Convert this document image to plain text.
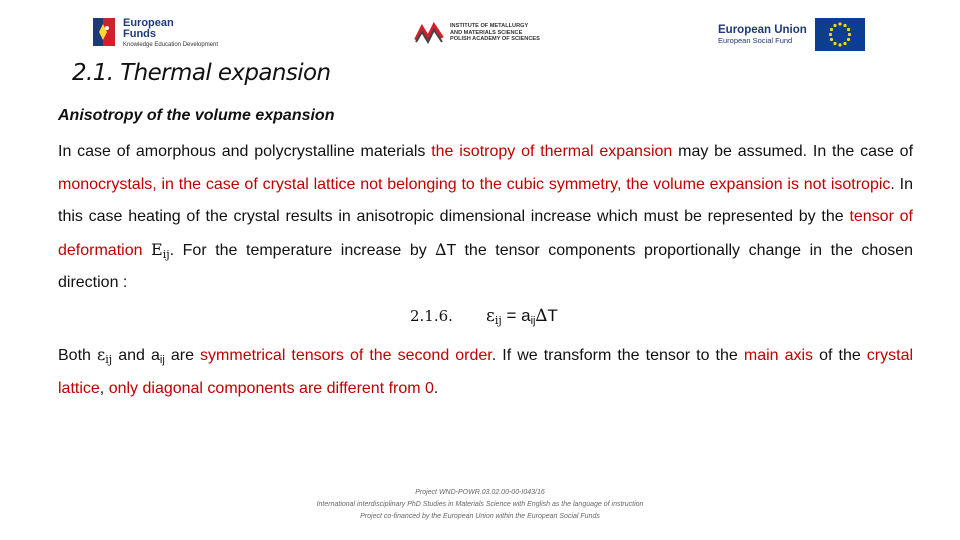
European
Funds
Knowledge Education Development
INSTITUTE OF METALLURGY
AND MATERIALS SCIENCE
POLISH ACADEMY OF SCIENCES
European Union
European Social Fund
2.1. Thermal expansion
Anisotropy of the volume expansion

In case of amorphous and polycrystalline materials the isotropy of thermal expansion may be assumed. In the case of monocrystals, in the case of crystal lattice not belonging to the cubic symmetry, the volume expansion is not isotropic. In this case heating of the crystal results in anisotropic dimensional increase which must be represented by the tensor of deformation $E_{ij}$. For the temperature increase by ∆T the tensor components proportionally change in the chosen direction :

2.1.6. $\varepsilon_{ij} = a_{ij}\Delta T$

Both $\varepsilon_{ij}$ and $a_{ij}$ are symmetrical tensors of the second order. If we transform the tensor to the main axis of the crystal lattice, only diagonal components are different from 0.

Project WND-POWR.03.02.00-00-I043/16
International interdisciplinary PhD Studies in Materials Science with English as the language of instruction
Project co-financed by the European Union within the European Social Funds
